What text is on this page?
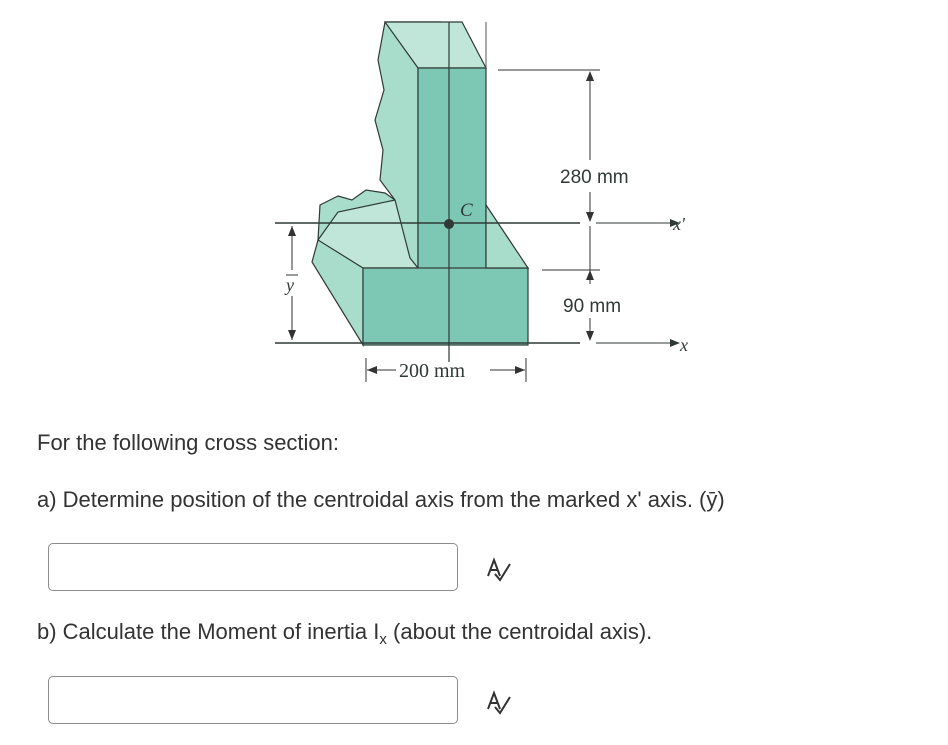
C
y
280 mm
90 mm
x'
x
200 mm
For the following cross section:
a) Determine position of the centroidal axis from the marked x' axis. (ȳ)
b) Calculate the Moment of inertia $I_x$ (about the centroidal axis).
